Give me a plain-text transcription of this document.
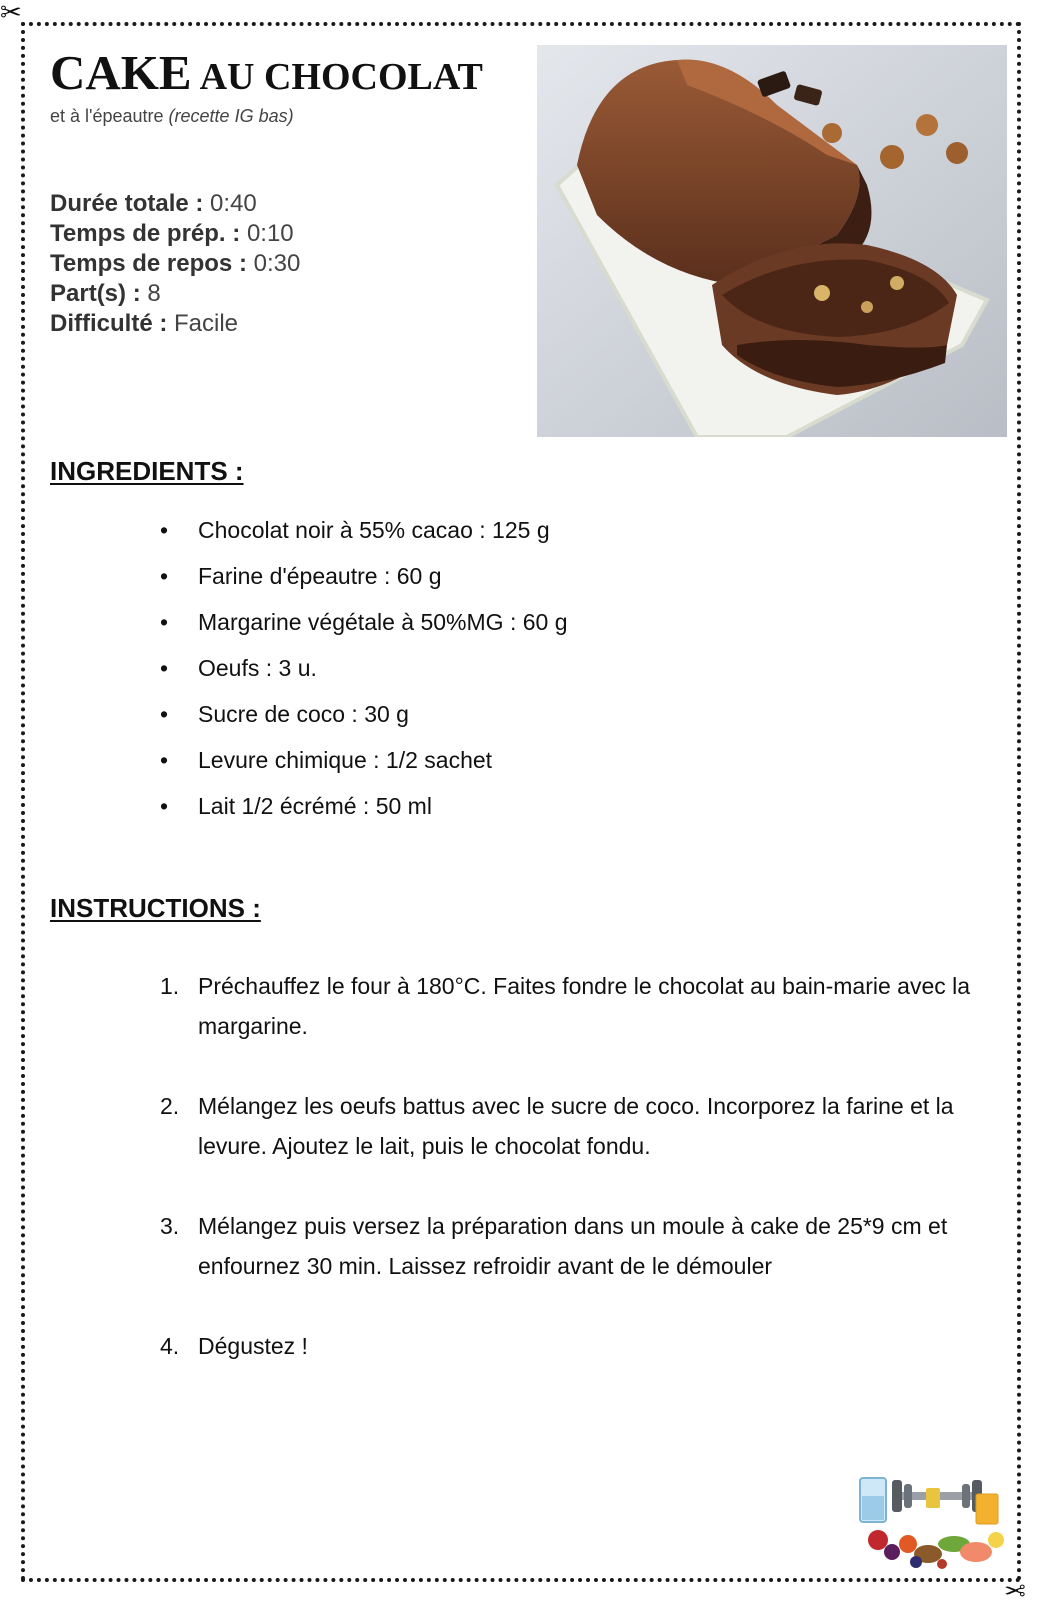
✂
✂
CAKE AU CHOCOLAT
et à l'épeautre (recette IG bas)
Durée totale : 0:40
Temps de prép. : 0:10
Temps de repos : 0:30
Part(s) : 8
Difficulté : Facile
INGREDIENTS :
• Chocolat noir à 55% cacao : 125 g
• Farine d'épeautre : 60 g
• Margarine végétale à 50%MG : 60 g
• Oeufs : 3 u.
• Sucre de coco : 30 g
• Levure chimique : 1/2 sachet
• Lait 1/2 écrémé : 50 ml
INSTRUCTIONS :
1. Préchauffez le four à 180°C. Faites fondre le chocolat au bain-marie avec la margarine.
2. Mélangez les oeufs battus avec le sucre de coco. Incorporez la farine et la levure. Ajoutez le lait, puis le chocolat fondu.
3. Mélangez puis versez la préparation dans un moule à cake de 25*9 cm et enfournez 30 min. Laissez refroidir avant de le démouler
4. Dégustez !
